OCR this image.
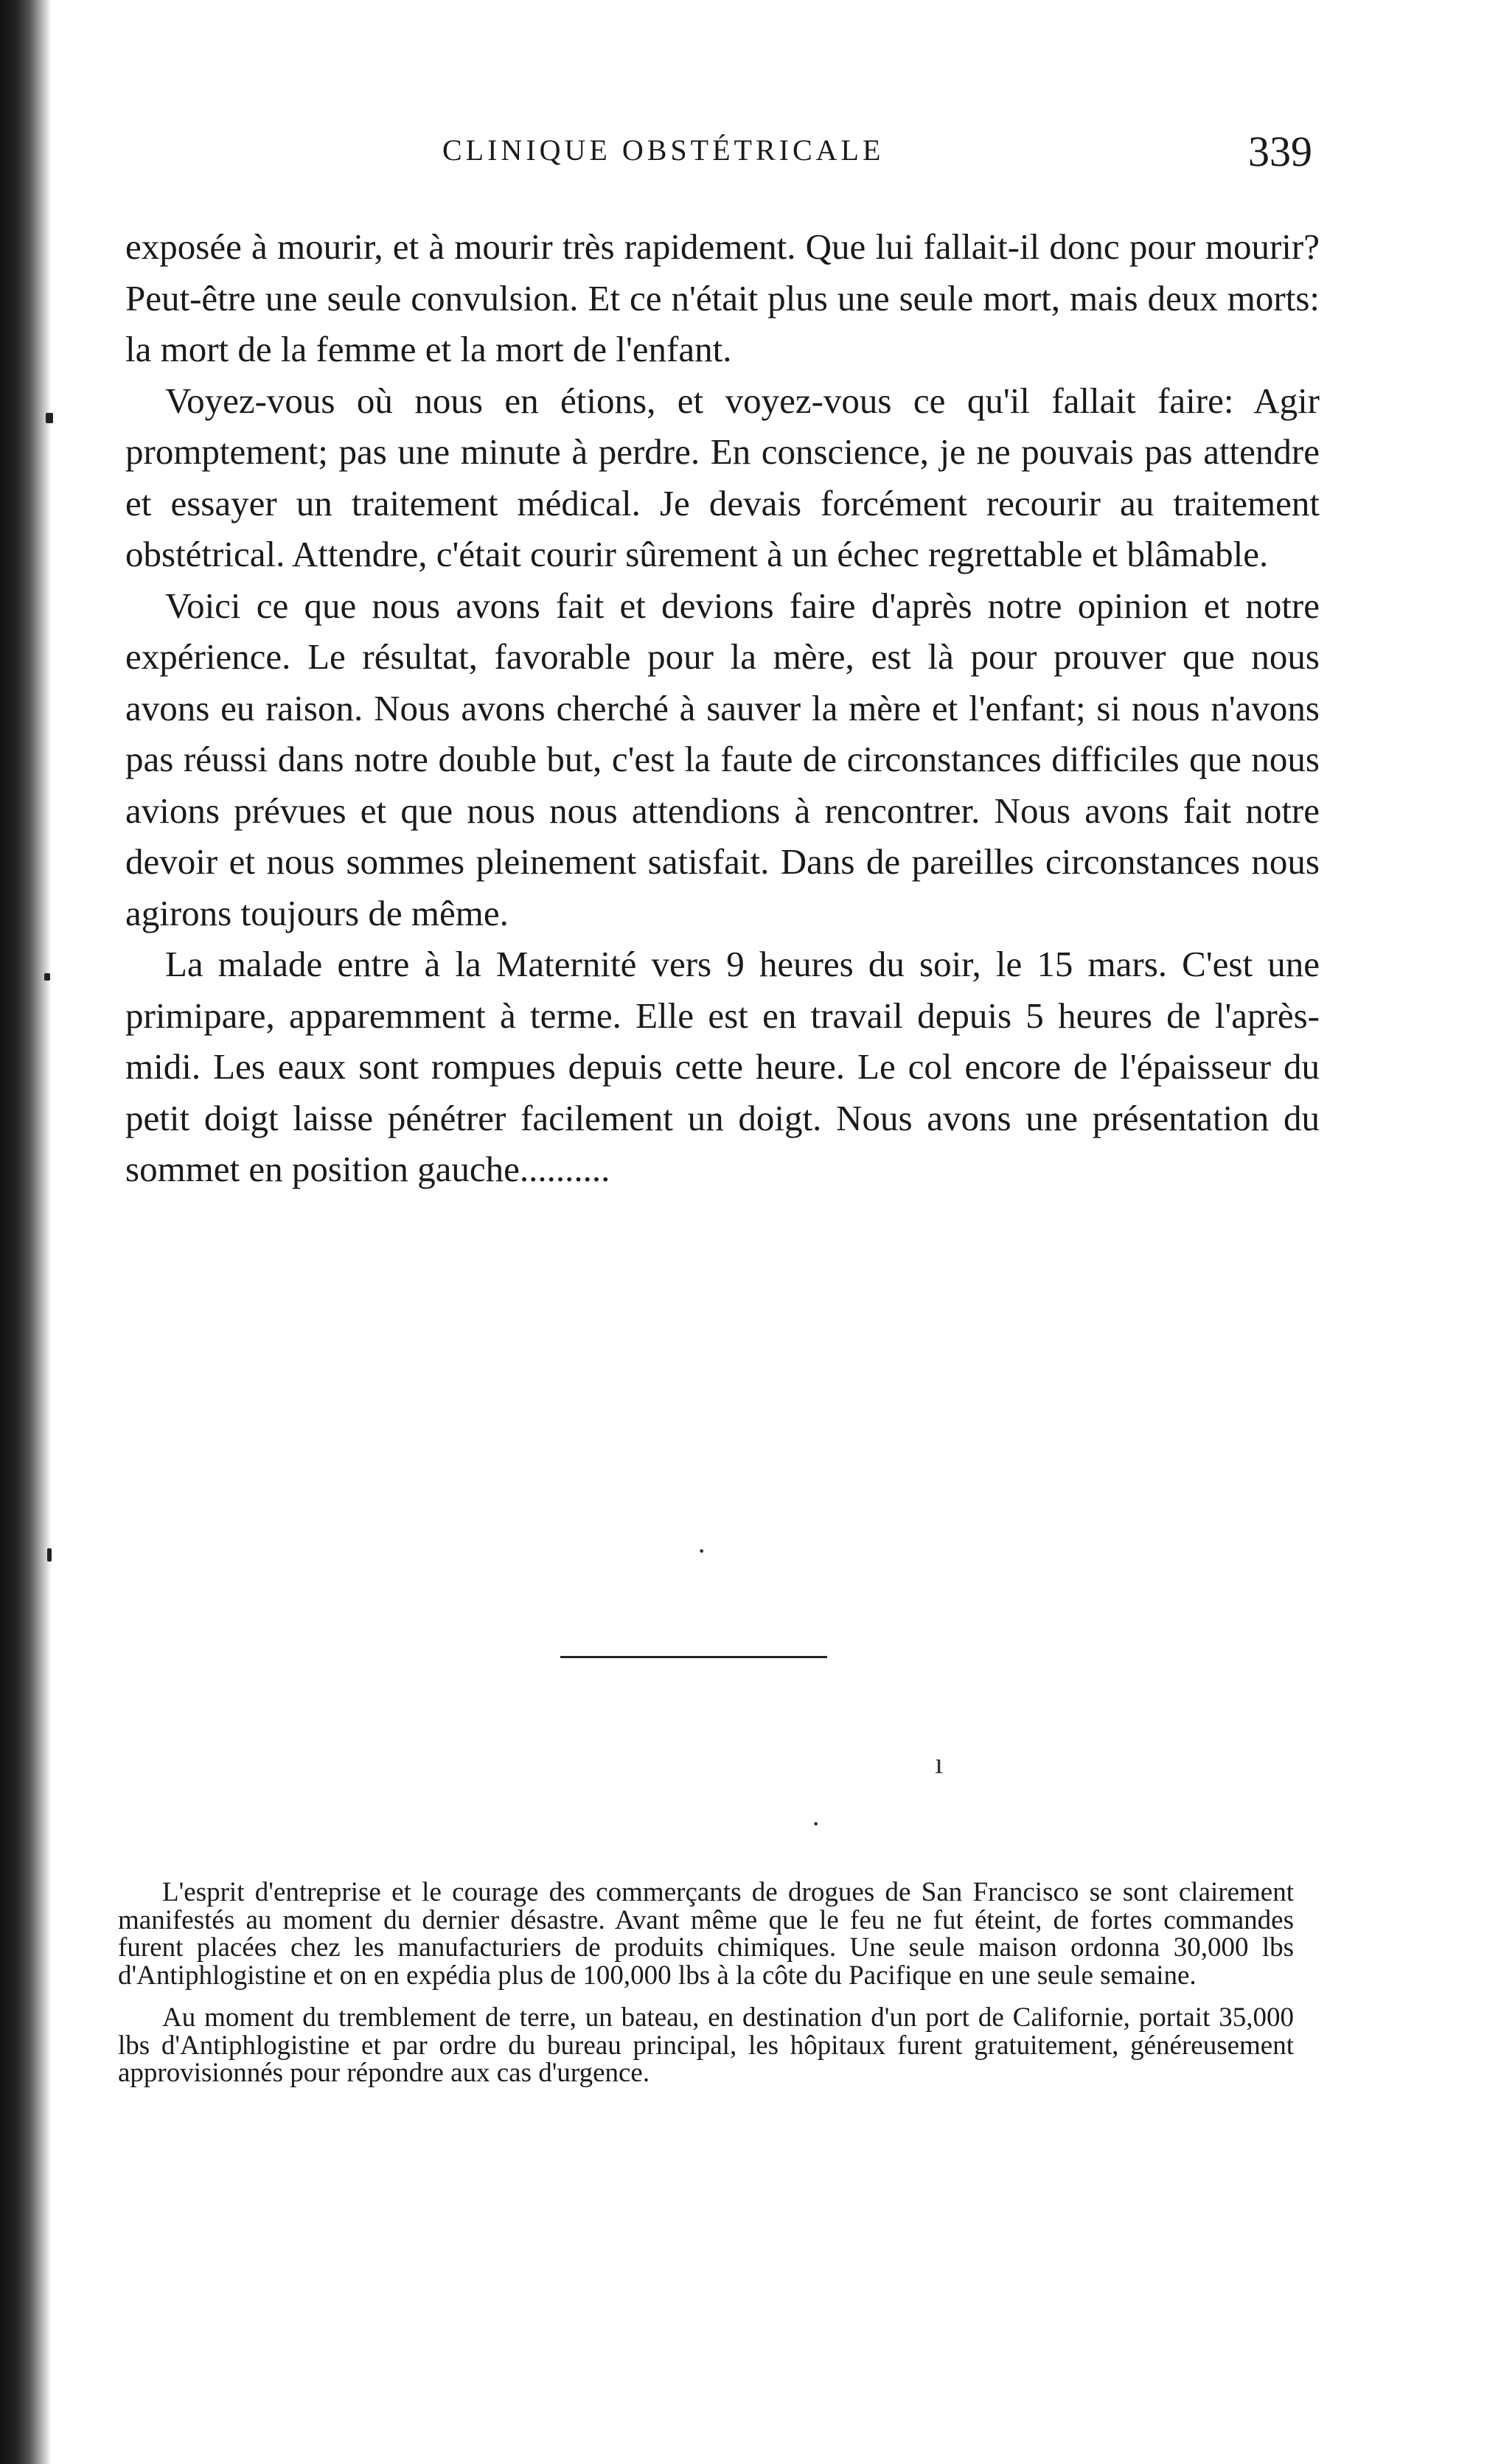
CLINIQUE OBSTÉTRICALE	339

exposée à mourir, et à mourir très rapidement. Que lui fallait-il donc pour mourir? Peut-être une seule convulsion. Et ce n'était plus une seule mort, mais deux morts: la mort de la femme et la mort de l'enfant.

Voyez-vous où nous en étions, et voyez-vous ce qu'il fallait faire: Agir promptement; pas une minute à perdre. En conscience, je ne pouvais pas attendre et essayer un traitement médical. Je devais forcément recourir au traitement obstétrical. Attendre, c'était courir sûrement à un échec regrettable et blâmable.

Voici ce que nous avons fait et devions faire d'après notre opinion et notre expérience. Le résultat, favorable pour la mère, est là pour prouver que nous avons eu raison. Nous avons cherché à sauver la mère et l'enfant; si nous n'avons pas réussi dans notre double but, c'est la faute de circonstances difficiles que nous avions prévues et que nous nous attendions à rencontrer. Nous avons fait notre devoir et nous sommes pleinement satisfait. Dans de pareilles circonstances nous agirons toujours de même.

La malade entre à la Maternité vers 9 heures du soir, le 15 mars. C'est une primipare, apparemment à terme. Elle est en travail depuis 5 heures de l'après-midi. Les eaux sont rompues depuis cette heure. Le col encore de l'épaisseur du petit doigt laisse pénétrer facilement un doigt. Nous avons une présentation du sommet en position gauche..........

·
ı
·

L'esprit d'entreprise et le courage des commerçants de drogues de San Francisco se sont clairement manifestés au moment du dernier désastre. Avant même que le feu ne fut éteint, de fortes commandes furent placées chez les manufacturiers de produits chimiques. Une seule maison ordonna 30,000 lbs d'Antiphlogistine et on en expédia plus de 100,000 lbs à la côte du Pacifique en une seule semaine.

Au moment du tremblement de terre, un bateau, en destination d'un port de Californie, portait 35,000 lbs d'Antiphlogistine et par ordre du bureau principal, les hôpitaux furent gratuitement, généreusement approvisionnés pour répondre aux cas d'urgence.
